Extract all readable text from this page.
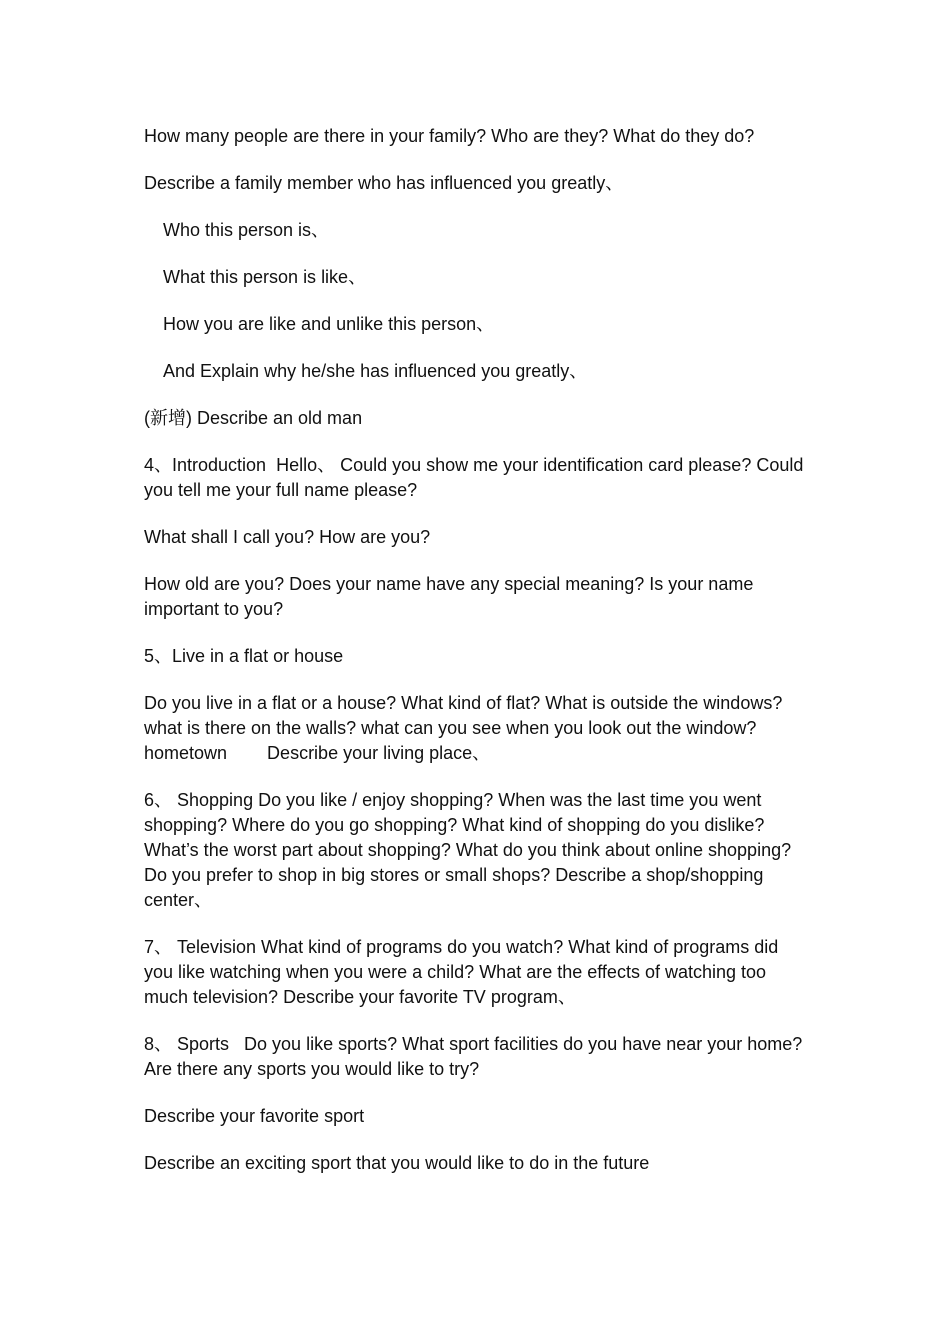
How many people are there in your family? Who are they? What do they do?

Describe a family member who has influenced you greatly、

Who this person is、

What this person is like、

How you are like and unlike this person、

And Explain why he/she has influenced you greatly、

(新增) Describe an old man

4、Introduction  Hello、 Could you show me your identification card please? Could you tell me your full name please?

What shall I call you? How are you?

How old are you? Does your name have any special meaning? Is your name important to you?

5、Live in a flat or house

Do you live in a flat or a house? What kind of flat? What is outside the windows? what is there on the walls? what can you see when you look out the window? hometown        Describe your living place、

6、 Shopping Do you like / enjoy shopping? When was the last time you went shopping? Where do you go shopping? What kind of shopping do you dislike? What’s the worst part about shopping? What do you think about online shopping? Do you prefer to shop in big stores or small shops? Describe a shop/shopping center、

7、 Television What kind of programs do you watch? What kind of programs did you like watching when you were a child? What are the effects of watching too much television? Describe your favorite TV program、

8、 Sports   Do you like sports? What sport facilities do you have near your home? Are there any sports you would like to try?

Describe your favorite sport

Describe an exciting sport that you would like to do in the future
